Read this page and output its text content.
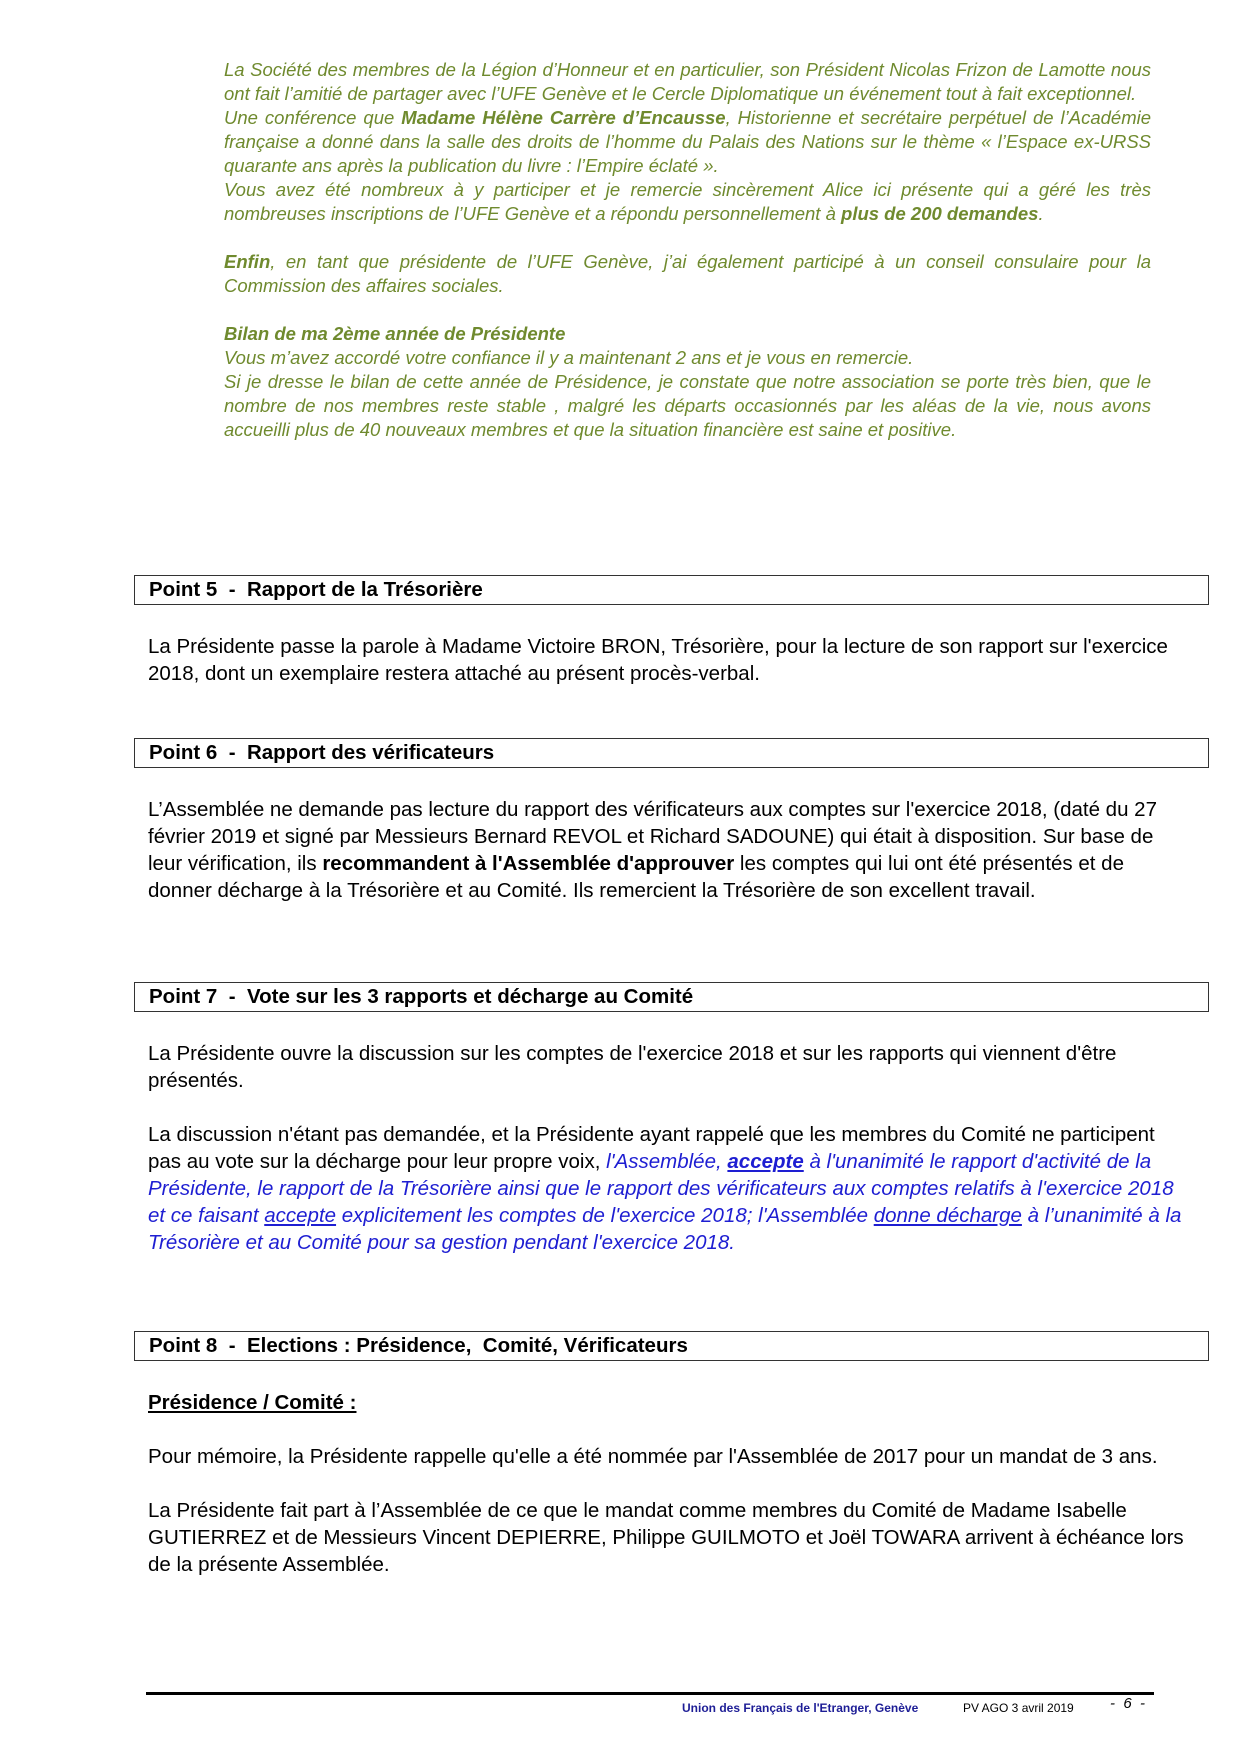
La Société des membres de la Légion d’Honneur et en particulier, son Président Nicolas Frizon de Lamotte nous ont fait l’amitié de partager avec l’UFE Genève et le Cercle Diplomatique un événement tout à fait exceptionnel.

Une conférence que Madame Hélène Carrère d’Encausse, Historienne et secrétaire perpétuel de l’Académie française a donné dans la salle des droits de l’homme du Palais des Nations sur le thème « l’Espace ex-URSS quarante ans après la publication du livre : l’Empire éclaté ».

Vous avez été nombreux à y participer et je remercie sincèrement Alice ici présente qui a géré les très nombreuses inscriptions de l’UFE Genève et a répondu personnellement à plus de 200 demandes.

Enfin, en tant que présidente de l’UFE Genève, j’ai également participé à un conseil consulaire pour la Commission des affaires sociales.

Bilan de ma 2ème année de Présidente

Vous m’avez accordé votre confiance il y a maintenant 2 ans et je vous en remercie.

Si je dresse le bilan de cette année de Présidence, je constate que notre association se porte très bien, que le nombre de nos membres reste stable , malgré les départs occasionnés par les aléas de la vie, nous avons accueilli plus de 40 nouveaux membres et que la situation financière est saine et positive.

Point 5  -  Rapport de la Trésorière

La Présidente passe la parole à Madame Victoire BRON, Trésorière, pour la lecture de son rapport sur l'exercice 2018, dont un exemplaire restera attaché au présent procès-verbal.

Point 6  -  Rapport des vérificateurs

L’Assemblée ne demande pas lecture du rapport des vérificateurs aux comptes sur l'exercice 2018, (daté du 27 février 2019 et signé par Messieurs Bernard REVOL et Richard SADOUNE) qui était à disposition. Sur base de leur vérification, ils recommandent à l'Assemblée d'approuver les comptes qui lui ont été présentés et de donner décharge à la Trésorière et au Comité. Ils remercient la Trésorière de son excellent travail.

Point 7  -  Vote sur les 3 rapports et décharge au Comité

La Présidente ouvre la discussion sur les comptes de l'exercice 2018 et sur les rapports qui viennent d'être présentés.

La discussion n'étant pas demandée, et la Présidente ayant rappelé que les membres du Comité ne participent pas au vote sur la décharge pour leur propre voix, l'Assemblée, accepte à l'unanimité le rapport d'activité de la Présidente, le rapport de la Trésorière ainsi que le rapport des vérificateurs aux comptes relatifs à l'exercice 2018 et ce faisant accepte explicitement les comptes de l'exercice 2018; l'Assemblée donne décharge à l’unanimité à la Trésorière et au Comité pour sa gestion pendant l'exercice 2018.

Point 8  -  Elections : Présidence,  Comité, Vérificateurs

Présidence / Comité :

Pour mémoire, la Présidente rappelle qu'elle a été nommée par l'Assemblée de 2017 pour un mandat de 3 ans.

La Présidente fait part à l’Assemblée de ce que le mandat comme membres du Comité de Madame Isabelle GUTIERREZ et de Messieurs Vincent DEPIERRE, Philippe GUILMOTO et Joël TOWARA arrivent à échéance lors de la présente Assemblée.

Union des Français de l'Etranger, Genève	PV AGO 3 avril 2019 -  6  -
